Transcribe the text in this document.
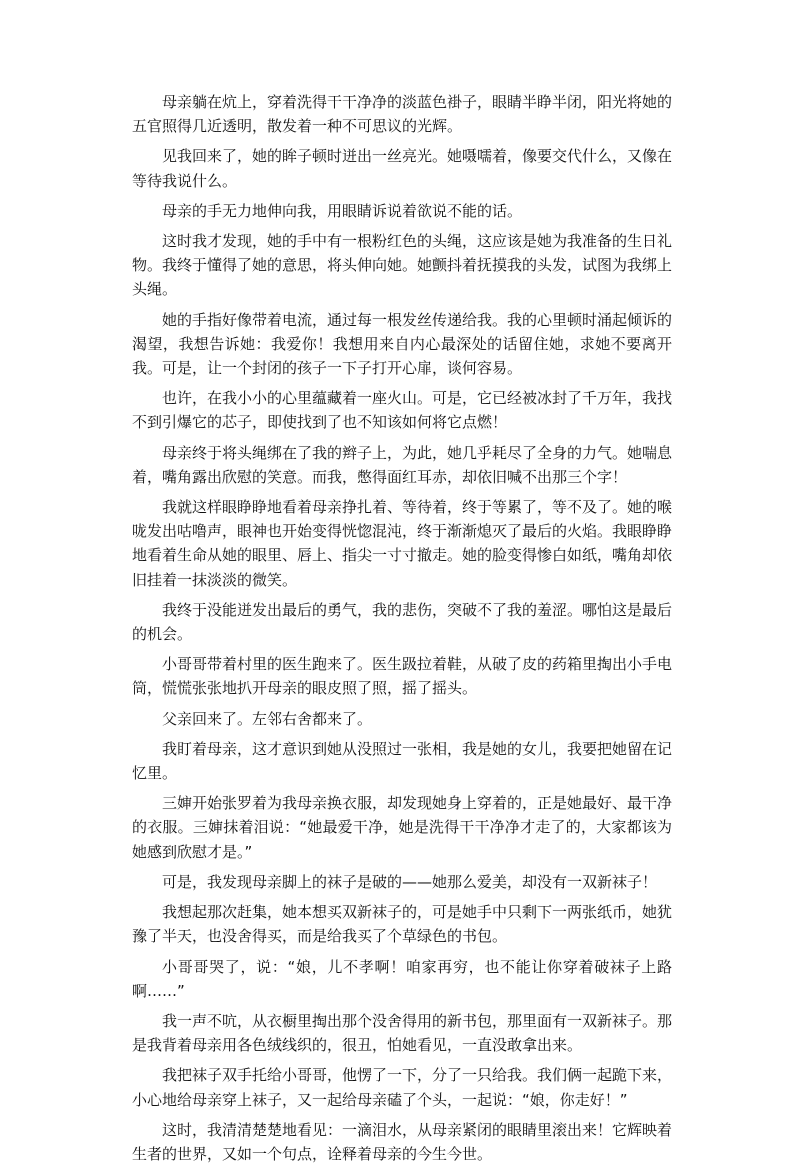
母亲躺在炕上，穿着洗得干干净净的淡蓝色褂子，眼睛半睁半闭，阳光将她的五官照得几近透明，散发着一种不可思议的光辉。

见我回来了，她的眸子顿时迸出一丝亮光。她嗫嚅着，像要交代什么，又像在等待我说什么。

母亲的手无力地伸向我，用眼睛诉说着欲说不能的话。

这时我才发现，她的手中有一根粉红色的头绳，这应该是她为我准备的生日礼物。我终于懂得了她的意思，将头伸向她。她颤抖着抚摸我的头发，试图为我绑上头绳。

她的手指好像带着电流，通过每一根发丝传递给我。我的心里顿时涌起倾诉的渴望，我想告诉她：我爱你！我想用来自内心最深处的话留住她，求她不要离开我。可是，让一个封闭的孩子一下子打开心扉，谈何容易。

也许，在我小小的心里蕴藏着一座火山。可是，它已经被冰封了千万年，我找不到引爆它的芯子，即使找到了也不知该如何将它点燃！

母亲终于将头绳绑在了我的辫子上，为此，她几乎耗尽了全身的力气。她喘息着，嘴角露出欣慰的笑意。而我，憋得面红耳赤，却依旧喊不出那三个字！

我就这样眼睁睁地看着母亲挣扎着、等待着，终于等累了，等不及了。她的喉咙发出咕噜声，眼神也开始变得恍惚混沌，终于渐渐熄灭了最后的火焰。我眼睁睁地看着生命从她的眼里、唇上、指尖一寸寸撤走。她的脸变得惨白如纸，嘴角却依旧挂着一抹淡淡的微笑。

我终于没能迸发出最后的勇气，我的悲伤，突破不了我的羞涩。哪怕这是最后的机会。

小哥哥带着村里的医生跑来了。医生趿拉着鞋，从破了皮的药箱里掏出小手电筒，慌慌张张地扒开母亲的眼皮照了照，摇了摇头。

父亲回来了。左邻右舍都来了。

我盯着母亲，这才意识到她从没照过一张相，我是她的女儿，我要把她留在记忆里。

三婶开始张罗着为我母亲换衣服，却发现她身上穿着的，正是她最好、最干净的衣服。三婶抹着泪说：“她最爱干净，她是洗得干干净净才走了的，大家都该为她感到欣慰才是。”

可是，我发现母亲脚上的袜子是破的——她那么爱美，却没有一双新袜子！

我想起那次赶集，她本想买双新袜子的，可是她手中只剩下一两张纸币，她犹豫了半天，也没舍得买，而是给我买了个草绿色的书包。

小哥哥哭了，说：“娘，儿不孝啊！咱家再穷，也不能让你穿着破袜子上路啊……”

我一声不吭，从衣橱里掏出那个没舍得用的新书包，那里面有一双新袜子。那是我背着母亲用各色绒线织的，很丑，怕她看见，一直没敢拿出来。

我把袜子双手托给小哥哥，他愣了一下，分了一只给我。我们俩一起跪下来，小心地给母亲穿上袜子，又一起给母亲磕了个头，一起说：“娘，你走好！”

这时，我清清楚楚地看见：一滴泪水，从母亲紧闭的眼睛里滚出来！它辉映着生者的世界，又如一个句点，诠释着母亲的今生今世。
